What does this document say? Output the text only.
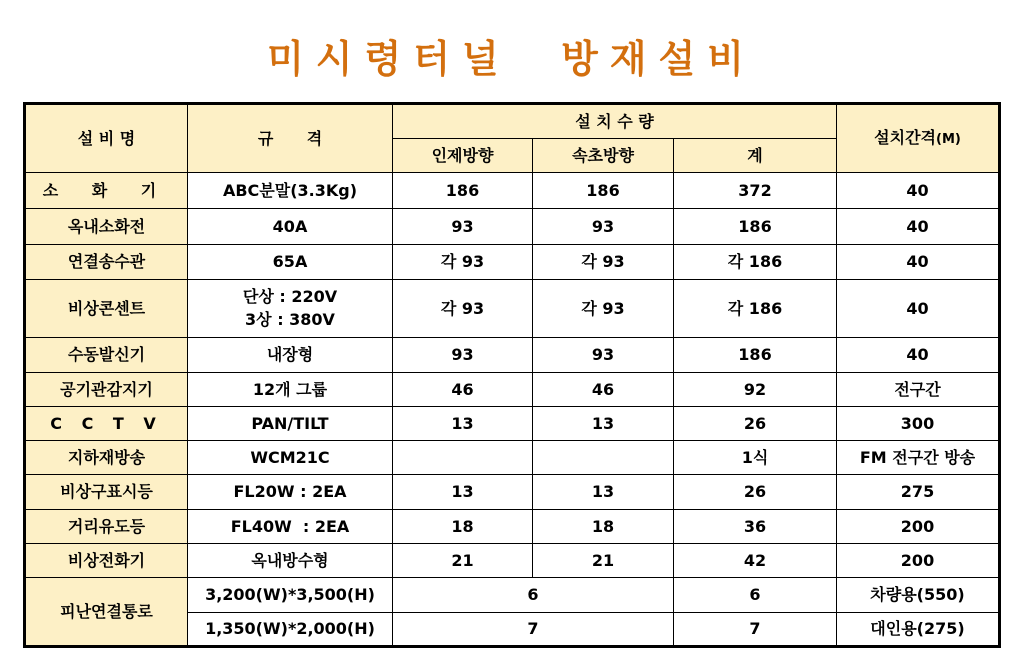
미시령터널  방재설비
설 비 명	규      격	설 치 수 량			설치간격(M)
		인제방향	속초방향	계	
소 화 기	ABC분말(3.3Kg)	186	186	372	40
옥내소화전	40A	93	93	186	40
연결송수관	65A	각 93	각 93	각 186	40
비상콘센트	단상 : 220V
3상 : 380V	각 93	각 93	각 186	40
수동발신기	내장형	93	93	186	40
공기관감지기	12개 그룹	46	46	92	전구간
C C T V	PAN/TILT	13	13	26	300
지하재방송	WCM21C			1식	FM 전구간 방송
비상구표시등	FL20W : 2EA	13	13	26	275
거리유도등	FL40W  : 2EA	18	18	36	200
비상전화기	옥내방수형	21	21	42	200
피난연결통로	3,200(W)*3,500(H)	6		6	차량용(550)
	1,350(W)*2,000(H)	7		7	대인용(275)
